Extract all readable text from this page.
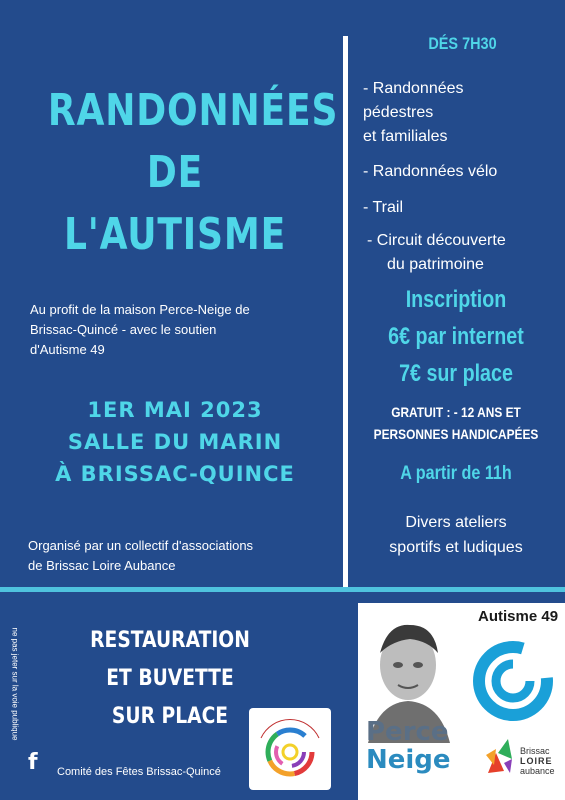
RANDONNÉES
DE
L'AUTISME
Au profit de la maison Perce-Neige de
Brissac-Quincé - avec le soutien
d'Autisme 49
1ER MAI 2023
SALLE DU MARIN
À BRISSAC-QUINCE
Organisé par un collectif d'associations
de Brissac Loire Aubance
DÉS 7H30
- Randonnées
pédestres
et familiales
- Randonnées vélo
- Trail
- Circuit découverte
du patrimoine
Inscription
6€ par internet
7€ sur place
GRATUIT : - 12 ANS ET
PERSONNES HANDICAPÉES
A partir de 11h
Divers ateliers
sportifs et ludiques
RESTAURATION
ET BUVETTE
SUR PLACE
ne pas jeter sur la voie publique
f Comité des Fêtes Brissac-Quincé
Autisme 49
Perce
Neige	Brissac
LOIRE
aubance
